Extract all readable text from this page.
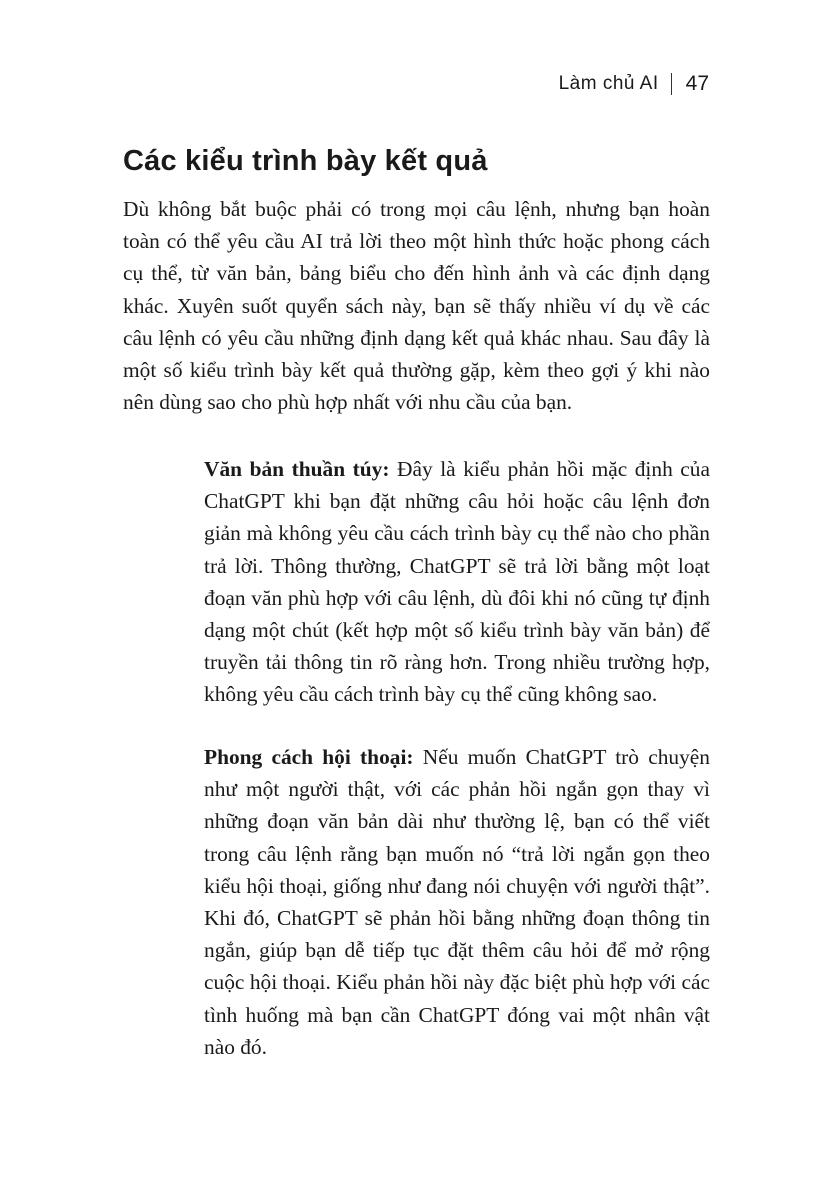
Làm chủ AI 47
Các kiểu trình bày kết quả

Dù không bắt buộc phải có trong mọi câu lệnh, nhưng bạn hoàn toàn có thể yêu cầu AI trả lời theo một hình thức hoặc phong cách cụ thể, từ văn bản, bảng biểu cho đến hình ảnh và các định dạng khác. Xuyên suốt quyển sách này, bạn sẽ thấy nhiều ví dụ về các câu lệnh có yêu cầu những định dạng kết quả khác nhau. Sau đây là một số kiểu trình bày kết quả thường gặp, kèm theo gợi ý khi nào nên dùng sao cho phù hợp nhất với nhu cầu của bạn.

Văn bản thuần túy: Đây là kiểu phản hồi mặc định của ChatGPT khi bạn đặt những câu hỏi hoặc câu lệnh đơn giản mà không yêu cầu cách trình bày cụ thể nào cho phần trả lời. Thông thường, ChatGPT sẽ trả lời bằng một loạt đoạn văn phù hợp với câu lệnh, dù đôi khi nó cũng tự định dạng một chút (kết hợp một số kiểu trình bày văn bản) để truyền tải thông tin rõ ràng hơn. Trong nhiều trường hợp, không yêu cầu cách trình bày cụ thể cũng không sao.

Phong cách hội thoại: Nếu muốn ChatGPT trò chuyện như một người thật, với các phản hồi ngắn gọn thay vì những đoạn văn bản dài như thường lệ, bạn có thể viết trong câu lệnh rằng bạn muốn nó “trả lời ngắn gọn theo kiểu hội thoại, giống như đang nói chuyện với người thật”. Khi đó, ChatGPT sẽ phản hồi bằng những đoạn thông tin ngắn, giúp bạn dễ tiếp tục đặt thêm câu hỏi để mở rộng cuộc hội thoại. Kiểu phản hồi này đặc biệt phù hợp với các tình huống mà bạn cần ChatGPT đóng vai một nhân vật nào đó.
